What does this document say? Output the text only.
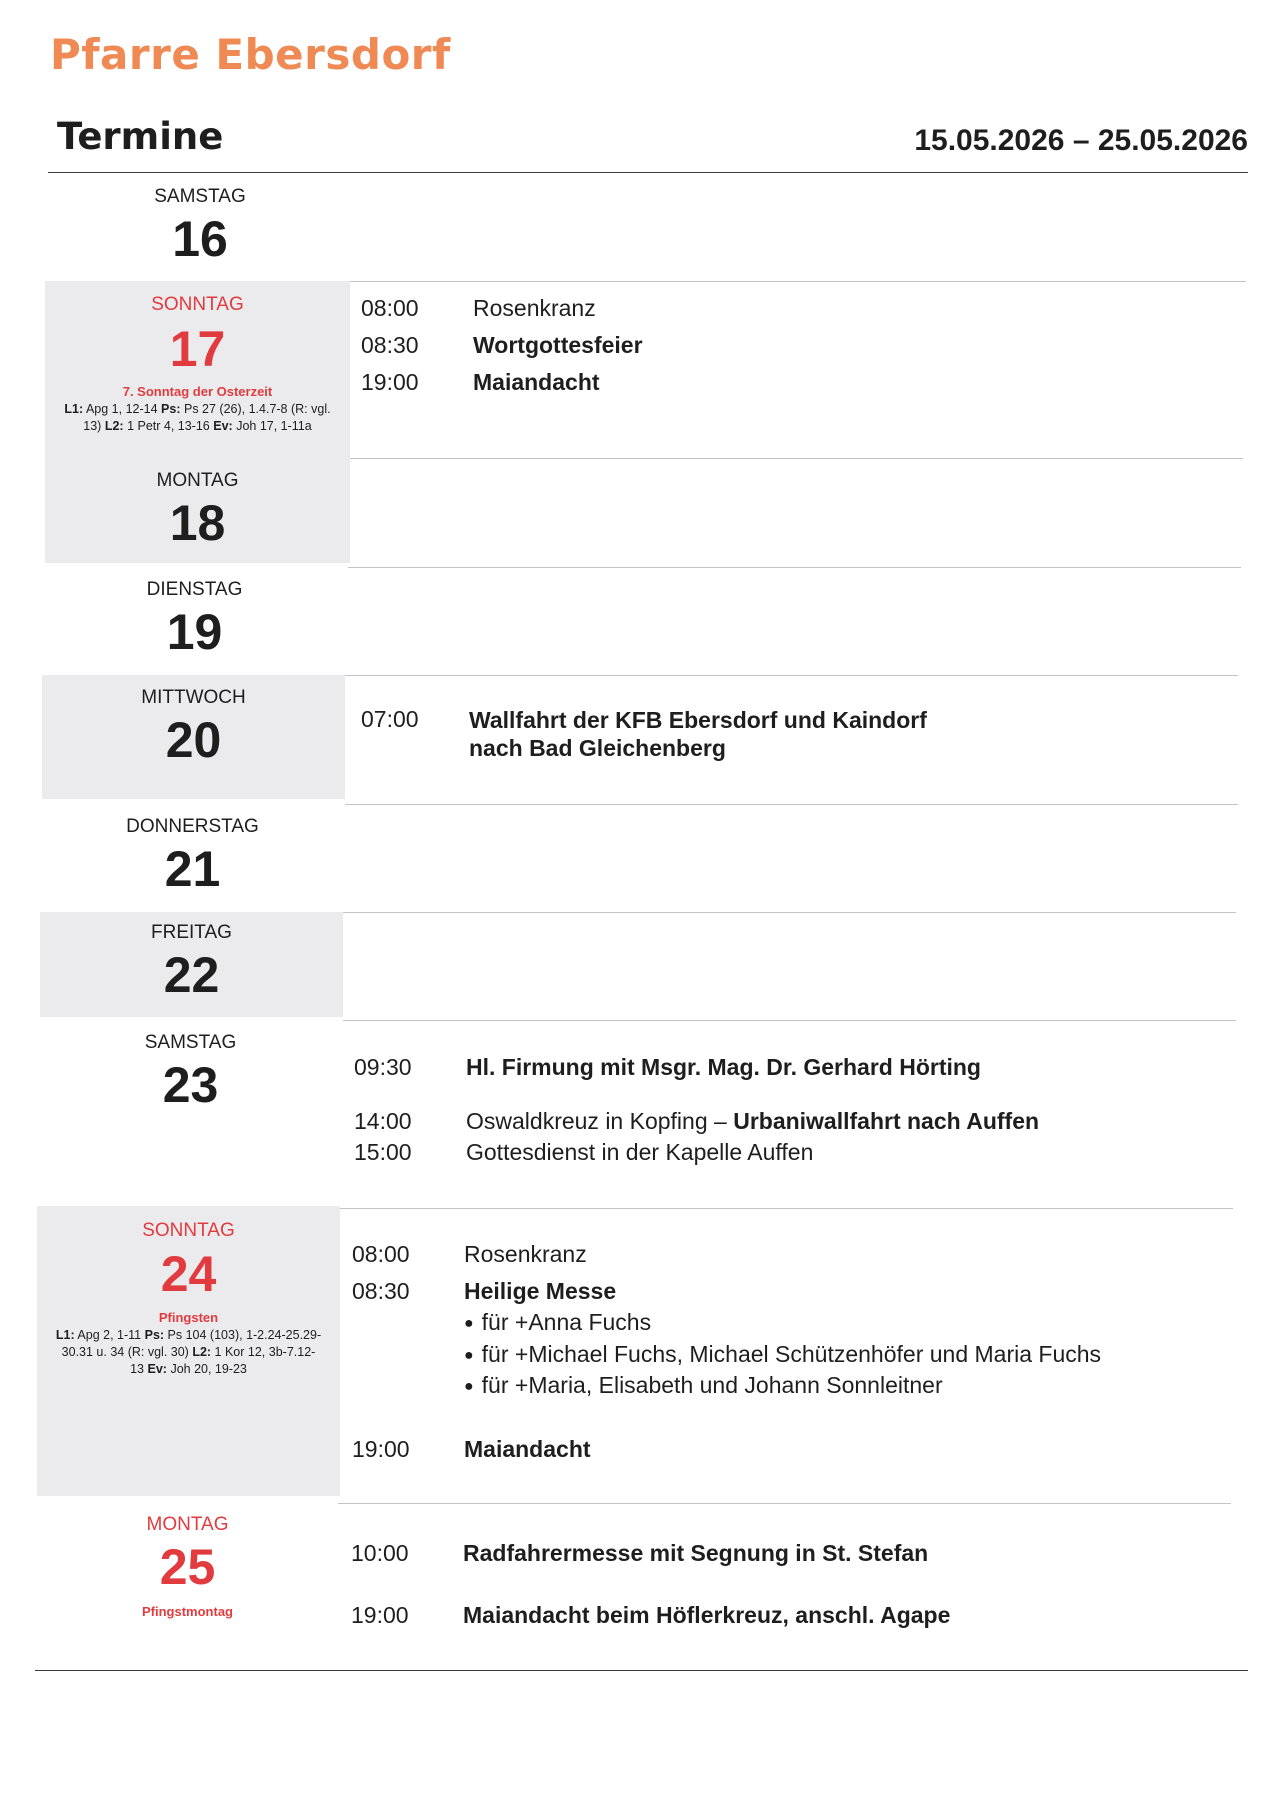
Pfarre Ebersdorf
Termine	15.05.2026 – 25.05.2026
SAMSTAG
16
SONNTAG
17
7. Sonntag der Osterzeit
L1: Apg 1, 12-14 Ps: Ps 27 (26), 1.4.7-8 (R: vgl.
13) L2: 1 Petr 4, 13-16 Ev: Joh 17, 1-11a
08:00 Rosenkranz
08:30 Wortgottesfeier
19:00 Maiandacht
MONTAG
18
DIENSTAG
19
MITTWOCH
20	07:00 Wallfahrt der KFB Ebersdorf und Kaindorf
nach Bad Gleichenberg
DONNERSTAG
21
FREITAG
22
SAMSTAG
23	09:30 Hl. Firmung mit Msgr. Mag. Dr. Gerhard Hörting
14:00 Oswaldkreuz in Kopfing – Urbaniwallfahrt nach Auffen
15:00 Gottesdienst in der Kapelle Auffen
SONNTAG
24
Pfingsten
L1: Apg 2, 1-11 Ps: Ps 104 (103), 1-2.24-25.29-
30.31 u. 34 (R: vgl. 30) L2: 1 Kor 12, 3b-7.12-
13 Ev: Joh 20, 19-23
08:00 Rosenkranz
08:30 Heilige Messe
● für +Anna Fuchs
● für +Michael Fuchs, Michael Schützenhöfer und Maria Fuchs
● für +Maria, Elisabeth und Johann Sonnleitner
19:00 Maiandacht
MONTAG
25
Pfingstmontag
10:00 Radfahrermesse mit Segnung in St. Stefan
19:00 Maiandacht beim Höflerkreuz, anschl. Agape
